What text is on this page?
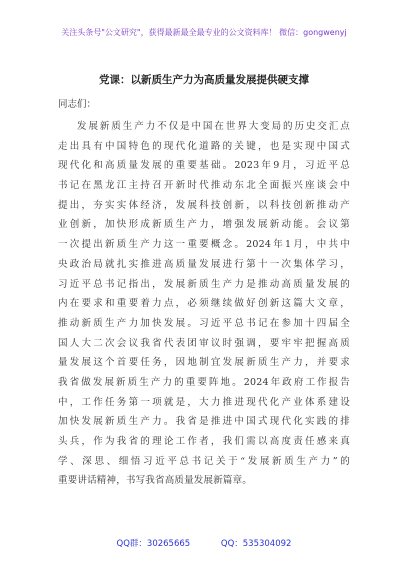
关注头条号"公文研究"，获得最新最全最专业的公文资料库！ 微信：gongwenyj
党课：以新质生产力为高质量发展提供硬支撑
同志们：
发展新质生产力不仅是中国在世界大变局的历史交汇点
走出具有中国特色的现代化道路的关键，也是实现中国式
现代化和高质量发展的重要基础。2023年9月，习近平总
书记在黑龙江主持召开新时代推动东北全面振兴座谈会中
提出，夯实实体经济，发展科技创新，以科技创新推动产
业创新，加快形成新质生产力，增强发展新动能。会议第
一次提出新质生产力这一重要概念。2024年1月，中共中
央政治局就扎实推进高质量发展进行第十一次集体学习，
习近平总书记指出，发展新质生产力是推动高质量发展的
内在要求和重要着力点，必须继续做好创新这篇大文章，
推动新质生产力加快发展。习近平总书记在参加十四届全
国人大二次会议我省代表团审议时强调，要牢牢把握高质
量发展这个首要任务，因地制宜发展新质生产力，并要求
我省做发展新质生产力的重要阵地。2024年政府工作报告
中，工作任务第一项就是，大力推进现代化产业体系建设
加快发展新质生产力。我省是推进中国式现代化实践的排
头兵，作为我省的理论工作者，我们需以高度责任感来真
学、深思、细悟习近平总书记关于“发展新质生产力”的
重要讲话精神，书写我省高质量发展新篇章。
QQ群：30265665	QQ：535304092
